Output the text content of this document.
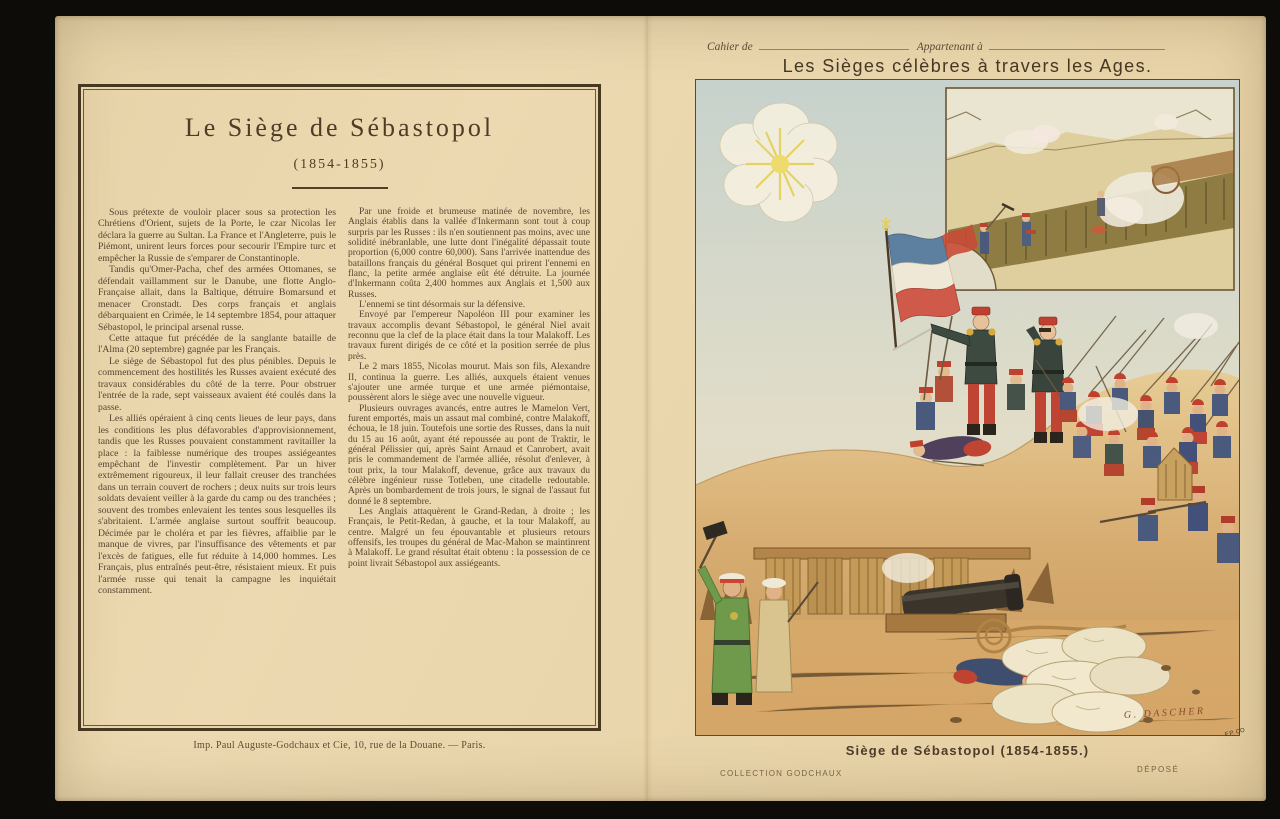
Le Siège de Sébastopol
(1854-1855)

Sous prétexte de vouloir placer sous sa protection les Chrétiens d'Orient, sujets de la Porte, le czar Nicolas Ier déclara la guerre au Sultan. La France et l'Angleterre, puis le Piémont, unirent leurs forces pour secourir l'Empire turc et empêcher la Russie de s'emparer de Constantinople.

Tandis qu'Omer-Pacha, chef des armées Ottomanes, se défendait vaillamment sur le Danube, une flotte Anglo-Française allait, dans la Baltique, détruire Bomarsund et menacer Cronstadt. Des corps français et anglais débarquaient en Crimée, le 14 septembre 1854, pour attaquer Sébastopol, le principal arsenal russe.

Cette attaque fut précédée de la sanglante bataille de l'Alma (20 septembre) gagnée par les Français.

Le siège de Sébastopol fut des plus pénibles. Depuis le commencement des hostilités les Russes avaient exécuté des travaux considérables du côté de la terre. Pour obstruer l'entrée de la rade, sept vaisseaux avaient été coulés dans la passe.

Les alliés opéraient à cinq cents lieues de leur pays, dans les conditions les plus défavorables d'approvisionnement, tandis que les Russes pouvaient constamment ravitailler la place : la faiblesse numérique des troupes assiégeantes empêchant de l'investir complètement. Par un hiver extrêmement rigoureux, il leur fallait creuser des tranchées dans un terrain couvert de rochers ; deux nuits sur trois leurs soldats devaient veiller à la garde du camp ou des tranchées ; souvent des trombes enlevaient les tentes sous lesquelles ils s'abritaient. L'armée anglaise surtout souffrit beaucoup. Décimée par le choléra et par les fièvres, affaiblie par le manque de vivres, par l'insuffisance des vêtements et par l'excès de fatigues, elle fut réduite à 14,000 hommes. Les Français, plus entraînés peut-être, résistaient mieux. Et puis l'armée russe qui tenait la campagne les inquiétait constamment.

Par une froide et brumeuse matinée de novembre, les Anglais établis dans la vallée d'Inkermann sont tout à coup surpris par les Russes : ils n'en soutiennent pas moins, avec une solidité inébranlable, une lutte dont l'inégalité dépassait toute proportion (6,000 contre 60,000). Sans l'arrivée inattendue des bataillons français du général Bosquet qui prirent l'ennemi en flanc, la petite armée anglaise eût été détruite. La journée d'Inkermann coûta 2,400 hommes aux Anglais et 1,500 aux Russes.

L'ennemi se tint désormais sur la défensive.

Envoyé par l'empereur Napoléon III pour examiner les travaux accomplis devant Sébastopol, le général Niel avait reconnu que la clef de la place était dans la tour Malakoff. Les travaux furent dirigés de ce côté et la position serrée de plus près.

Le 2 mars 1855, Nicolas mourut. Mais son fils, Alexandre II, continua la guerre. Les alliés, auxquels étaient venues s'ajouter une armée turque et une armée piémontaise, poussèrent alors le siège avec une nouvelle vigueur.

Plusieurs ouvrages avancés, entre autres le Mamelon Vert, furent emportés, mais un assaut mal combiné, contre Malakoff, échoua, le 18 juin. Toutefois une sortie des Russes, dans la nuit du 15 au 16 août, ayant été repoussée au pont de Traktir, le général Pélissier qui, après Saint Arnaud et Canrobert, avait pris le commandement de l'armée alliée, résolut d'enlever, à tout prix, la tour Malakoff, devenue, grâce aux travaux du célèbre ingénieur russe Totleben, une citadelle redoutable. Après un bombardement de trois jours, le signal de l'assaut fut donné le 8 septembre.

Les Anglais attaquèrent le Grand-Redan, à droite ; les Français, le Petit-Redan, à gauche, et la tour Malakoff, au centre. Malgré un feu épouvantable et plusieurs retours offensifs, les troupes du général de Mac-Mahon se maintinrent à Malakoff. Le grand résultat était obtenu : la possession de ce point livrait Sébastopol aux assiégeants.

Imp. Paul Auguste-Godchaux et Cie, 10, rue de la Douane. — Paris.
Cahier de	Appartenant à
Les Sièges célèbres à travers les Ages.
G. DASCHER
Siège de Sébastopol (1854-1855.)
COLLECTION GODCHAUX	DÉPOSÉ
F.P. CO
